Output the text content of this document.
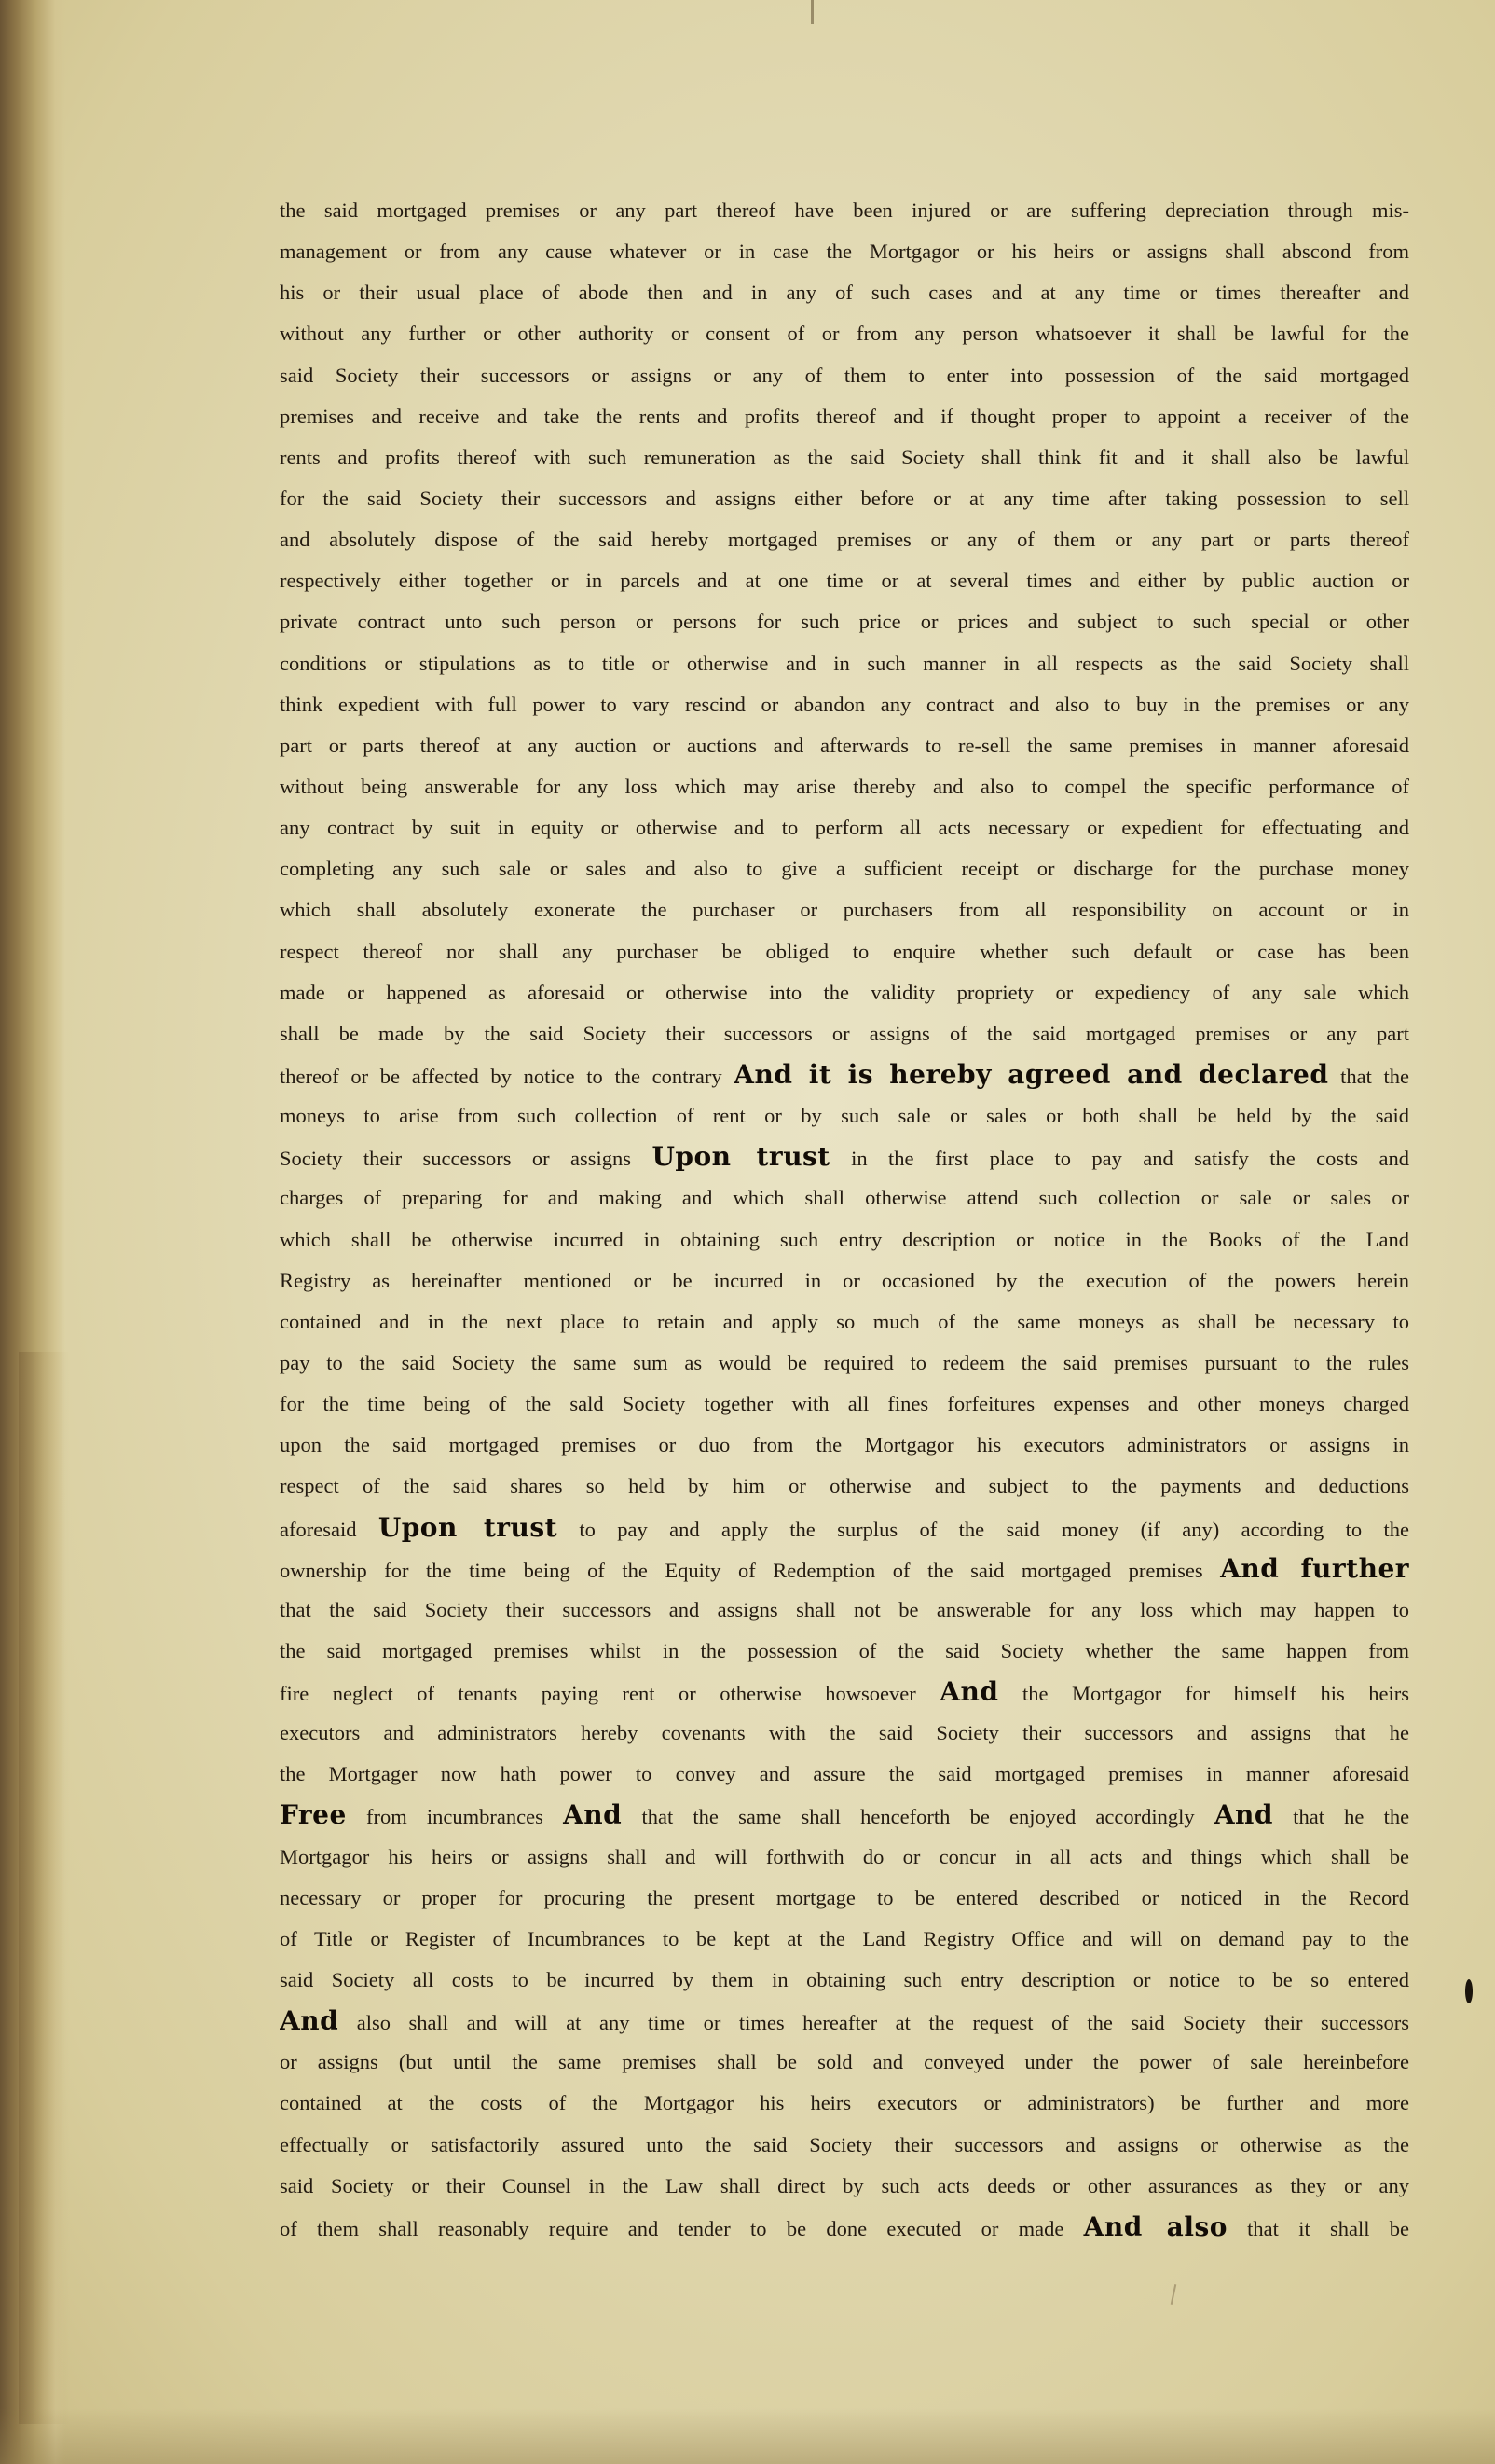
the said mortgaged premises or any part thereof have been injured or are suffering depreciation through mis-
management or from any cause whatever or in case the Mortgagor or his heirs or assigns shall abscond from
his or their usual place of abode then and in any of such cases and at any time or times thereafter and
without any further or other authority or consent of or from any person whatsoever it shall be lawful for the
said Society their successors or assigns or any of them to enter into possession of the said mortgaged
premises and receive and take the rents and profits thereof and if thought proper to appoint a receiver of the
rents and profits thereof with such remuneration as the said Society shall think fit and it shall also be lawful
for the said Society their successors and assigns either before or at any time after taking possession to sell
and absolutely dispose of the said hereby mortgaged premises or any of them or any part or parts thereof
respectively either together or in parcels and at one time or at several times and either by public auction or
private contract unto such person or persons for such price or prices and subject to such special or other
conditions or stipulations as to title or otherwise and in such manner in all respects as the said Society shall
think expedient with full power to vary rescind or abandon any contract and also to buy in the premises or any
part or parts thereof at any auction or auctions and afterwards to re-sell the same premises in manner aforesaid
without being answerable for any loss which may arise thereby and also to compel the specific performance of
any contract by suit in equity or otherwise and to perform all acts necessary or expedient for effectuating and
completing any such sale or sales and also to give a sufficient receipt or discharge for the purchase money
which shall absolutely exonerate the purchaser or purchasers from all responsibility on account or in
respect thereof nor shall any purchaser be obliged to enquire whether such default or case has been
made or happened as aforesaid or otherwise into the validity propriety or expediency of any sale which
shall be made by the said Society their successors or assigns of the said mortgaged premises or any part
thereof or be affected by notice to the contrary And it is hereby agreed and declared that the
moneys to arise from such collection of rent or by such sale or sales or both shall be held by the said
Society their successors or assigns Upon trust in the first place to pay and satisfy the costs and
charges of preparing for and making and which shall otherwise attend such collection or sale or sales or
which shall be otherwise incurred in obtaining such entry description or notice in the Books of the Land
Registry as hereinafter mentioned or be incurred in or occasioned by the execution of the powers herein
contained and in the next place to retain and apply so much of the same moneys as shall be necessary to
pay to the said Society the same sum as would be required to redeem the said premises pursuant to the rules
for the time being of the sald Society together with all fines forfeitures expenses and other moneys charged
upon the said mortgaged premises or duo from the Mortgagor his executors administrators or assigns in
respect of the said shares so held by him or otherwise and subject to the payments and deductions
aforesaid Upon trust to pay and apply the surplus of the said money (if any) according to the
ownership for the time being of the Equity of Redemption of the said mortgaged premises And further
that the said Society their successors and assigns shall not be answerable for any loss which may happen to
the said mortgaged premises whilst in the possession of the said Society whether the same happen from
fire neglect of tenants paying rent or otherwise howsoever And the Mortgagor for himself his heirs
executors and administrators hereby covenants with the said Society their successors and assigns that he
the Mortgager now hath power to convey and assure the said mortgaged premises in manner aforesaid
Free from incumbrances And that the same shall henceforth be enjoyed accordingly And that he the
Mortgagor his heirs or assigns shall and will forthwith do or concur in all acts and things which shall be
necessary or proper for procuring the present mortgage to be entered described or noticed in the Record
of Title or Register of Incumbrances to be kept at the Land Registry Office and will on demand pay to the
said Society all costs to be incurred by them in obtaining such entry description or notice to be so entered
And also shall and will at any time or times hereafter at the request of the said Society their successors
or assigns (but until the same premises shall be sold and conveyed under the power of sale hereinbefore
contained at the costs of the Mortgagor his heirs executors or administrators) be further and more
effectually or satisfactorily assured unto the said Society their successors and assigns or otherwise as the
said Society or their Counsel in the Law shall direct by such acts deeds or other assurances as they or any
of them shall reasonably require and tender to be done executed or made And also that it shall be
